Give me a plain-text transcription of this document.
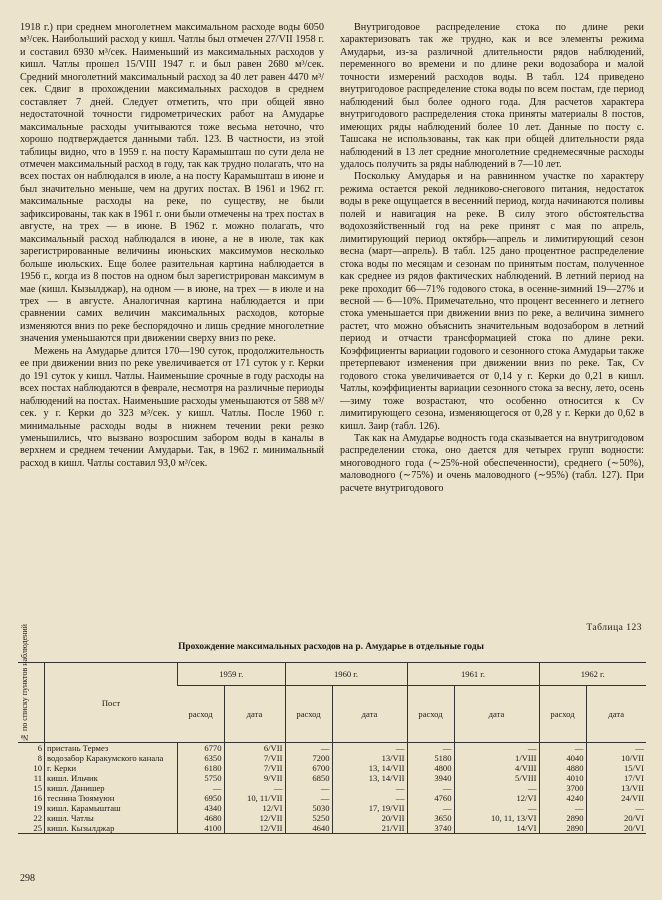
1918 г.) при среднем многолетнем максимальном расходе воды 6050 м³/сек. Наибольший расход у кишл. Чатлы был отмечен 27/VII 1958 г. и составил 6930 м³/сек. Наименьший из максимальных расходов у кишл. Чатлы прошел 15/VIII 1947 г. и был равен 2680 м³/сек. Средний многолетний максимальный расход за 40 лет равен 4470 м³/сек. Сдвиг в прохождении максимальных расходов в среднем составляет 7 дней. Следует отметить, что при общей явно недостаточной точности гидрометрических работ на Амударье максимальные расходы учитываются тоже весьма неточно, что хорошо подтверждается данными табл. 123. В частности, из этой таблицы видно, что в 1959 г. на посту Карамышташ по сути дела не отмечен максимальный расход в году, так как трудно полагать, что на всех постах он наблюдался в июле, а на посту Карамышташ в июне и был значительно меньше, чем на других постах. В 1961 и 1962 гг. максимальные расходы на реке, по существу, не были зафиксированы, так как в 1961 г. они были отмечены на трех постах в августе, на трех — в июне. В 1962 г. можно полагать, что максимальный расход наблюдался в июне, а не в июле, так как зарегистрированные величины июньских максимумов несколько больше июльских. Еще более разительная картина наблюдается в 1956 г., когда из 8 постов на одном был зарегистрирован максимум в мае (кишл. Кызылджар), на одном — в июне, на трех — в июле и на трех — в августе. Аналогичная картина наблюдается и при сравнении самих величин максимальных расходов, которые изменяются вниз по реке беспорядочно и лишь средние многолетние значения уменьшаются при движении сверху вниз по реке.

Межень на Амударье длится 170—190 суток, продолжительность ее при движении вниз по реке увеличивается от 171 суток у г. Керки до 191 суток у кишл. Чатлы. Наименьшие срочные в году расходы на всех постах наблюдаются в феврале, несмотря на различные периоды наблюдений на постах. Наименьшие расходы уменьшаются от 588 м³/сек. у г. Керки до 323 м³/сек. у кишл. Чатлы. После 1960 г. минимальные расходы воды в нижнем течении реки резко уменьшились, что вызвано возросшим забором воды в каналы в верхнем и среднем течении Амударьи. Так, в 1962 г. минимальный расход в кишл. Чатлы составил 93,0 м³/сек.

Внутригодовое распределение стока по длине реки характеризовать так же трудно, как и все элементы режима Амударьи, из-за различной длительности рядов наблюдений, переменного во времени и по длине реки водозабора и малой точности измерений расходов воды. В табл. 124 приведено внутригодовое распределение стока воды по всем постам, где период наблюдений был более одного года. Для расчетов характера внутригодового распределения стока приняты материалы 8 постов, имеющих ряды наблюдений более 10 лет. Данные по посту с. Ташсака не использованы, так как при общей длительности ряда наблюдений в 13 лет средние многолетние среднемесячные расходы удалось получить за ряды наблюдений в 7—10 лет.

Поскольку Амударья и на равнинном участке по характеру режима остается рекой ледниково-снегового питания, недостаток воды в реке ощущается в весенний период, когда начинаются поливы полей и навигация на реке. В силу этого обстоятельства водохозяйственный год на реке принят с мая по апрель, лимитирующий период октябрь—апрель и лимитирующий сезон весна (март—апрель). В табл. 125 дано процентное распределение стока воды по месяцам и сезонам по принятым постам, полученное как среднее из рядов фактических наблюдений. В летний период на реке проходит 66—71% годового стока, в осенне-зимний 19—27% и весной — 6—10%. Примечательно, что процент весеннего и летнего стока уменьшается при движении вниз по реке, а величина зимнего растет, что можно объяснить значительным водозабором в летний период и отчасти трансформацией стока по длине реки. Коэффициенты вариации годового и сезонного стока Амударьи также претерпевают изменения при движении вниз по реке. Так, Cv годового стока увеличивается от 0,14 у г. Керки до 0,21 в кишл. Чатлы, коэффициенты вариации сезонного стока за весну, лето, осень—зиму тоже возрастают, что особенно относится к Cv лимитирующего сезона, изменяющегося от 0,28 у г. Керки до 0,62 в кишл. Заир (табл. 126).

Так как на Амударье водность года сказывается на внутригодовом распределении стока, оно дается для четырех групп водности: многоводного года (∼25%-ной обеспеченности), среднего (∼50%), маловодного (∼75%) и очень маловодного (∼95%) (табл. 127). При расчете внутригодового

Таблица 123
Прохождение максимальных расходов на р. Амударье в отдельные годы
№ по списку пунктов наблюдений	Пост	1959 г.		1960 г.		1961 г.		1962 г.	
		расход	дата	расход	дата	расход	дата	расход	дата
6	пристань Термез	6770	6/VII	—	—	—	—	—	—
8	водозабор Каракумского канала	6350	7/VII	7200	13/VII	5180	1/VIII	4040	10/VII
10	г. Керки	6180	7/VII	6700	13, 14/VII	4800	4/VIII	4880	15/VI
11	кишл. Ильчик	5750	9/VII	6850	13, 14/VII	3940	5/VIII	4010	17/VI
15	кишл. Данишер	—	—	—	—	—	—	3700	13/VII
16	теснина Тюямуюн	6950	10, 11/VII	—	—	4760	12/VI	4240	24/VII
19	кишл. Карамышташ	4340	12/VI	5030	17, 19/VII	—	—	—	—
22	кишл. Чатлы	4680	12/VII	5250	20/VII	3650	10, 11, 13/VI	2890	20/VI
25	кишл. Кызылджар	4100	12/VII	4640	21/VII	3740	14/VI	2890	20/VI
298
